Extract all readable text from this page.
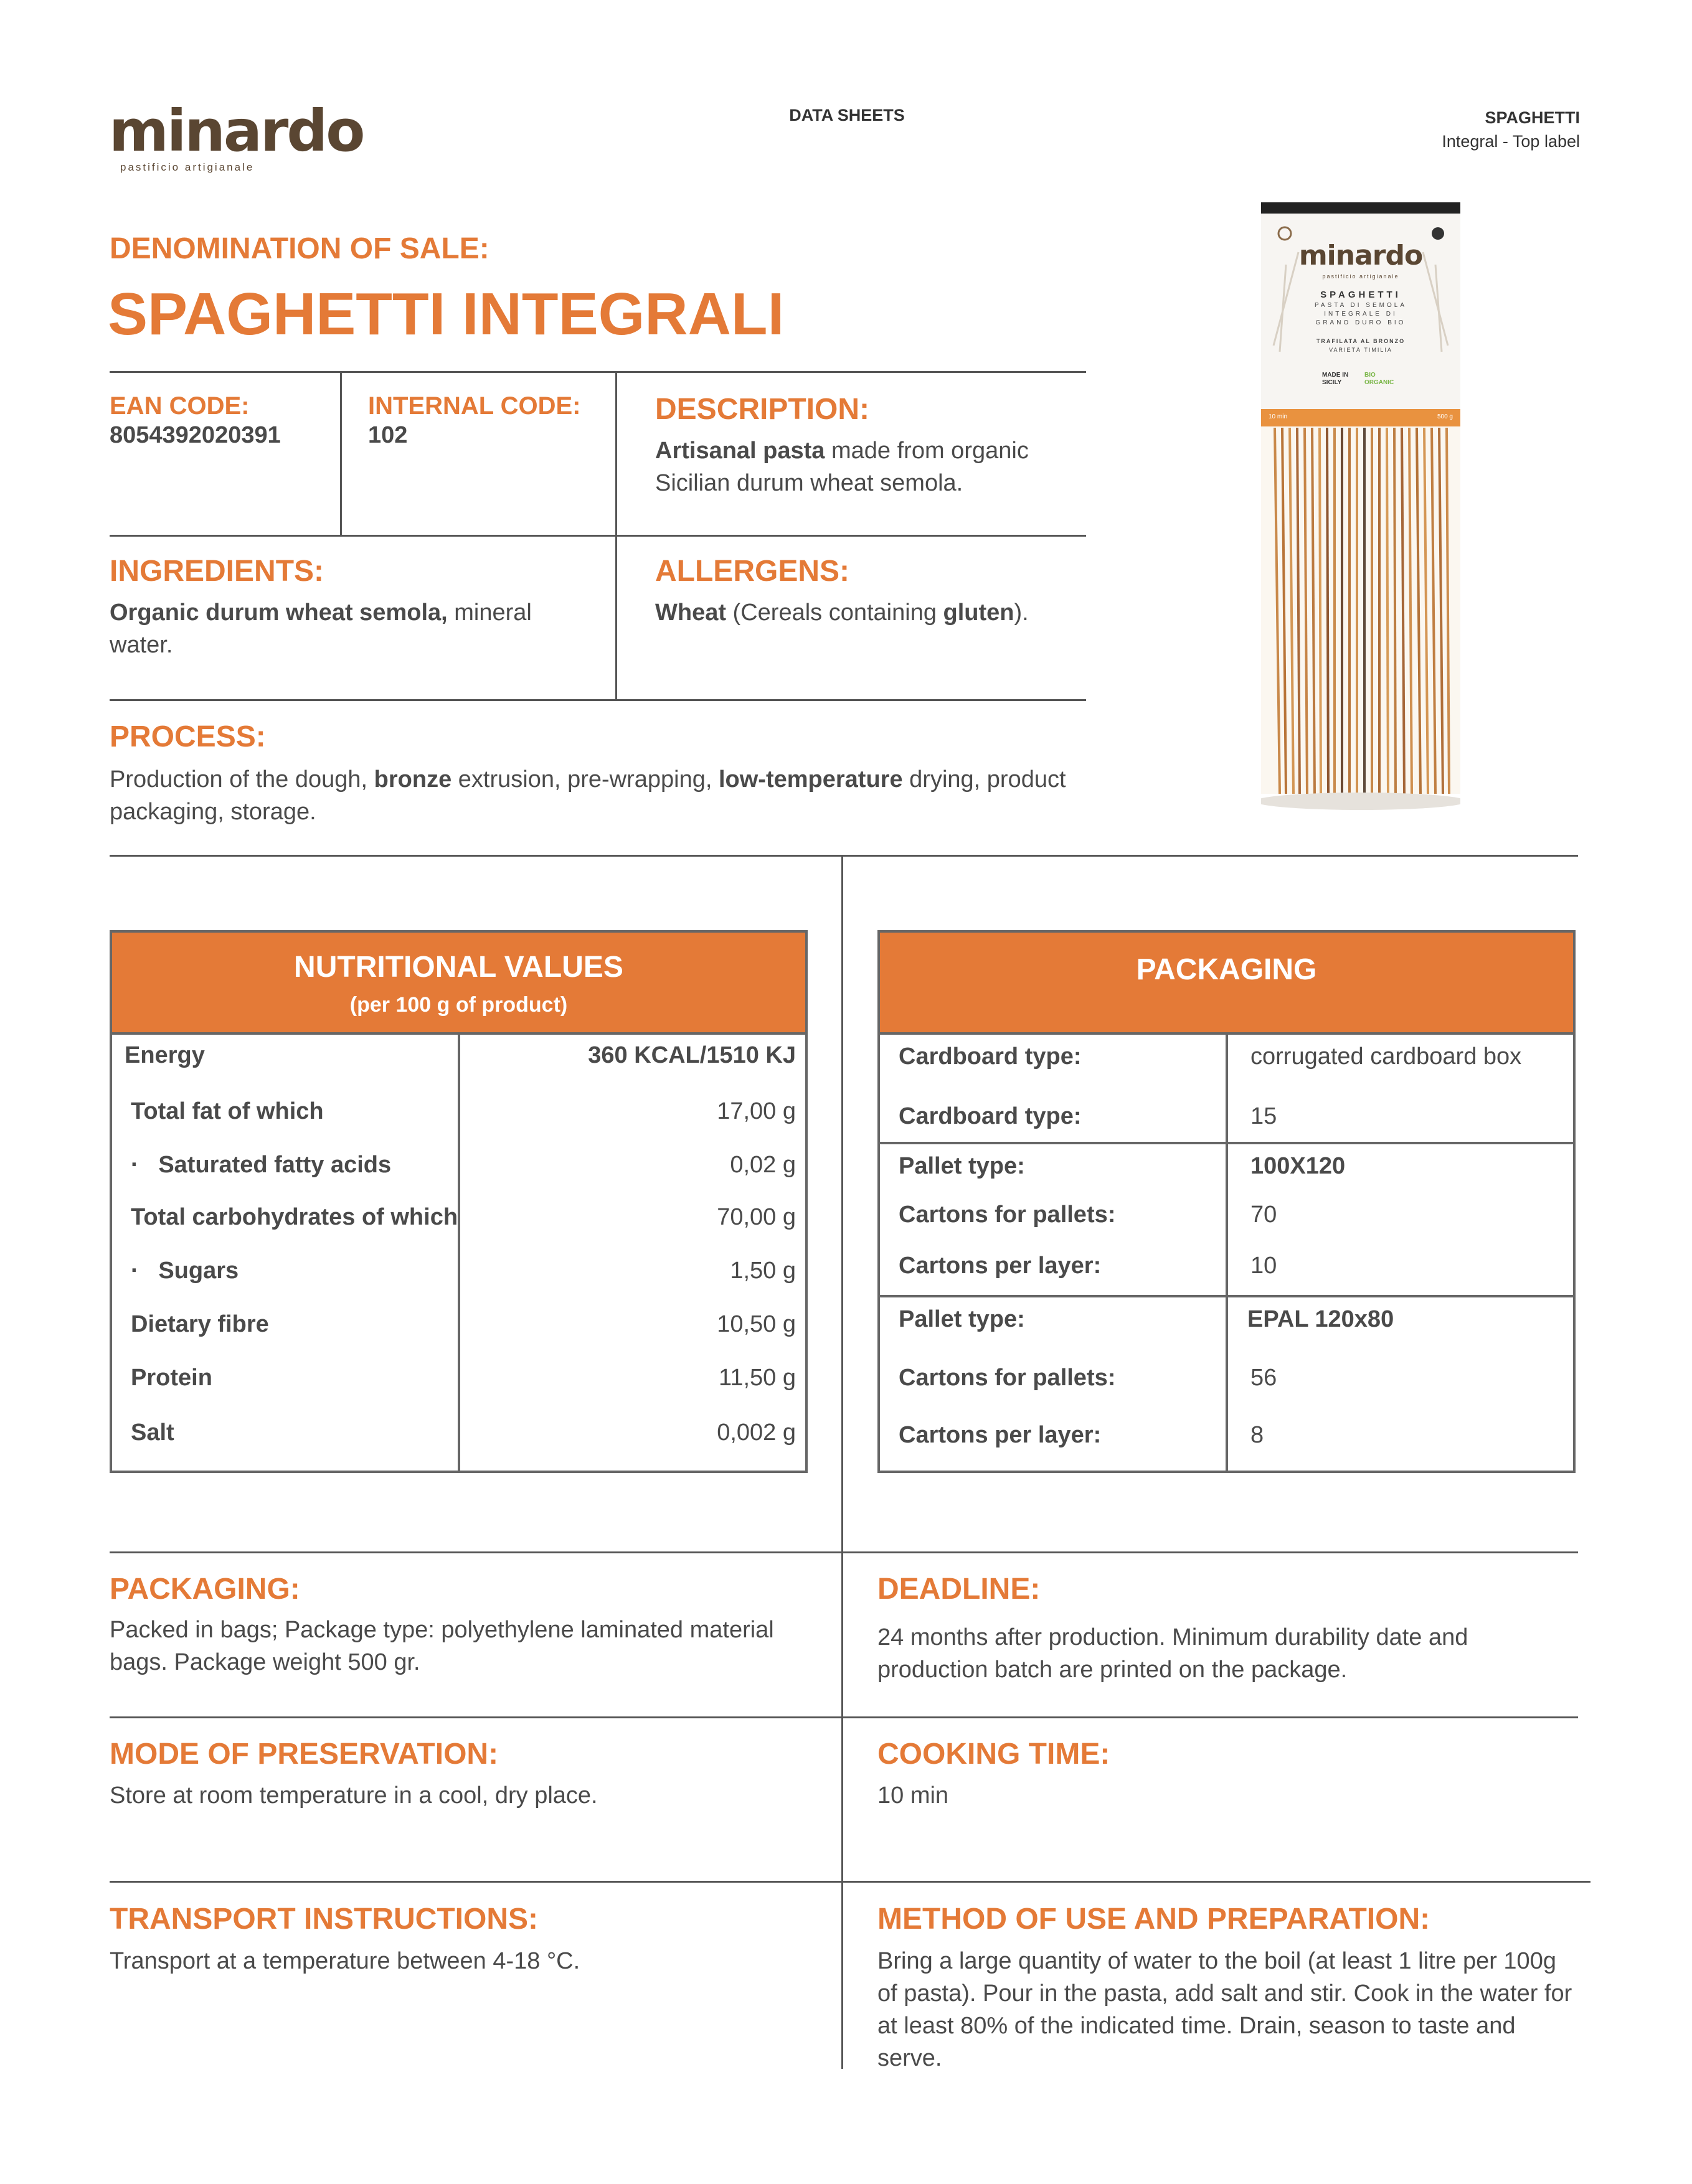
minardo
pastificio artigianale
DATA SHEETS	SPAGHETTI
Integral - Top label
DENOMINATION OF SALE:
SPAGHETTI INTEGRALI
EAN CODE:
8054392020391
INTERNAL CODE:
102
DESCRIPTION:
Artisanal pasta made from organic Sicilian durum wheat semola.
INGREDIENTS:
Organic durum wheat semola, mineral water.
ALLERGENS:
Wheat (Cereals containing gluten).
PROCESS:
Production of the dough, bronze extrusion, pre-wrapping, low-temperature drying, product packaging, storage.
minardo
pastificio artigianale
SPAGHETTI
PASTA DI SEMOLA
INTEGRALE DI
GRANO DURO BIO
TRAFILATA AL BRONZO
VARIETÀ TIMILIA
MADE IN SICILY
BIO ORGANIC
10 min	500 g
NUTRITIONAL VALUES
(per 100 g of product)
Energy	360 KCAL/1510 KJ
Total fat of which	17,00 g
·   Saturated fatty acids	0,02 g
Total carbohydrates of which	70,00 g
·   Sugars	1,50 g
Dietary fibre	10,50 g
Protein	11,50 g
Salt	0,002 g
PACKAGING
Cardboard type:	corrugated cardboard box
Cardboard type:	15
Pallet type:	100X120
Cartons for pallets:	70
Cartons per layer:	10
Pallet type:	EPAL 120x80
Cartons for pallets:	56
Cartons per layer:	8
PACKAGING:
Packed in bags; Package type: polyethylene laminated material bags. Package weight 500 gr.
DEADLINE:
24 months after production. Minimum durability date and production batch are printed on the package.
MODE OF PRESERVATION:
Store at room temperature in a cool, dry place.
COOKING TIME:
10 min
TRANSPORT INSTRUCTIONS:
Transport at a temperature between 4-18 °C.
METHOD OF USE AND PREPARATION:
Bring a large quantity of water to the boil (at least 1 litre per 100g of pasta). Pour in the pasta, add salt and stir. Cook in the water for at least 80% of the indicated time. Drain, season to taste and serve.
